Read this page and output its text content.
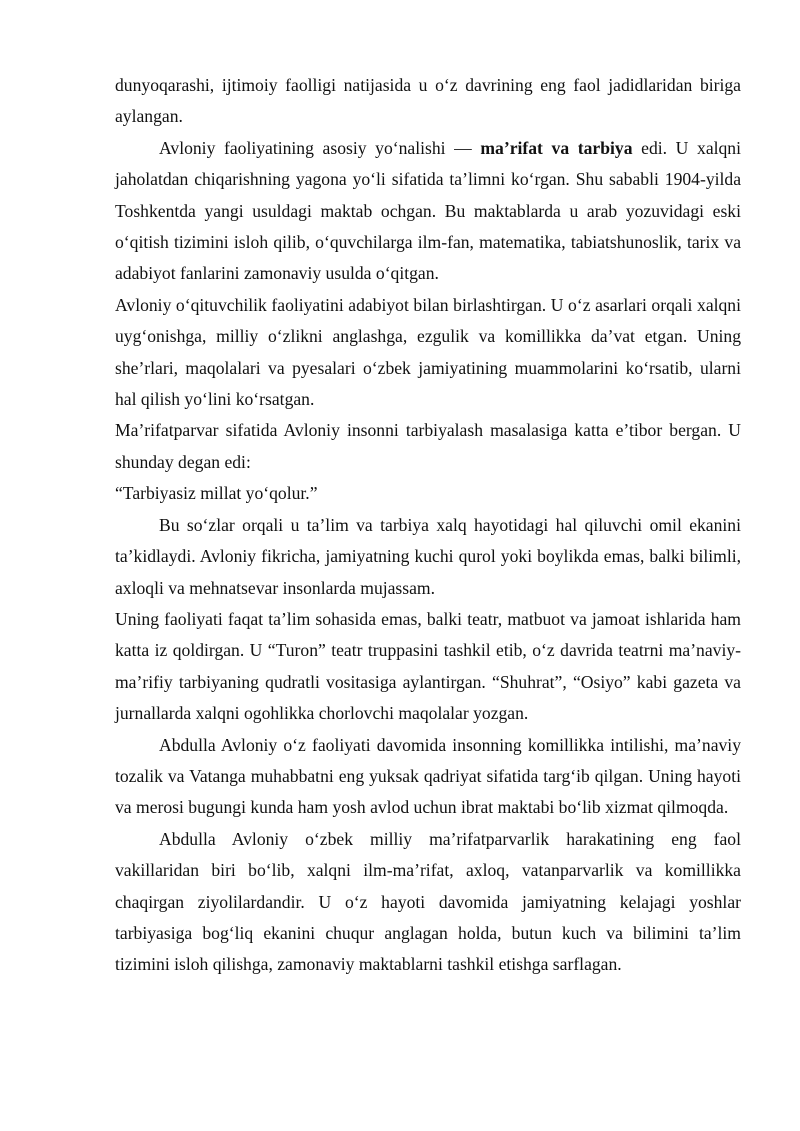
dunyoqarashi, ijtimoiy faolligi natijasida u o‘z davrining eng faol jadidlaridan biriga aylangan.

Avloniy faoliyatining asosiy yo‘nalishi — ma’rifat va tarbiya edi. U xalqni jaholatdan chiqarishning yagona yo‘li sifatida ta’limni ko‘rgan. Shu sababli 1904-yilda Toshkentda yangi usuldagi maktab ochgan. Bu maktablarda u arab yozuvidagi eski o‘qitish tizimini isloh qilib, o‘quvchilarga ilm-fan, matematika, tabiatshunoslik, tarix va adabiyot fanlarini zamonaviy usulda o‘qitgan.

Avloniy o‘qituvchilik faoliyatini adabiyot bilan birlashtirgan. U o‘z asarlari orqali xalqni uyg‘onishga, milliy o‘zlikni anglashga, ezgulik va komillikka da’vat etgan. Uning she’rlari, maqolalari va pyesalari o‘zbek jamiyatining muammolarini ko‘rsatib, ularni hal qilish yo‘lini ko‘rsatgan.

Ma’rifatparvar sifatida Avloniy insonni tarbiyalash masalasiga katta e’tibor bergan. U shunday degan edi:

“Tarbiyasiz millat yo‘qolur.”

Bu so‘zlar orqali u ta’lim va tarbiya xalq hayotidagi hal qiluvchi omil ekanini ta’kidlaydi. Avloniy fikricha, jamiyatning kuchi qurol yoki boylikda emas, balki bilimli, axloqli va mehnatsevar insonlarda mujassam.

Uning faoliyati faqat ta’lim sohasida emas, balki teatr, matbuot va jamoat ishlarida ham katta iz qoldirgan. U “Turon” teatr truppasini tashkil etib, o‘z davrida teatrni ma’naviy-ma’rifiy tarbiyaning qudratli vositasiga aylantirgan. “Shuhrat”, “Osiyo” kabi gazeta va jurnallarda xalqni ogohlikka chorlovchi maqolalar yozgan.

Abdulla Avloniy o‘z faoliyati davomida insonning komillikka intilishi, ma’naviy tozalik va Vatanga muhabbatni eng yuksak qadriyat sifatida targ‘ib qilgan. Uning hayoti va merosi bugungi kunda ham yosh avlod uchun ibrat maktabi bo‘lib xizmat qilmoqda.

Abdulla Avloniy o‘zbek milliy ma’rifatparvarlik harakatining eng faol vakillaridan biri bo‘lib, xalqni ilm-ma’rifat, axloq, vatanparvarlik va komillikka chaqirgan ziyolilardandir. U o‘z hayoti davomida jamiyatning kelajagi yoshlar tarbiyasiga bog‘liq ekanini chuqur anglagan holda, butun kuch va bilimini ta’lim tizimini isloh qilishga, zamonaviy maktablarni tashkil etishga sarflagan.
